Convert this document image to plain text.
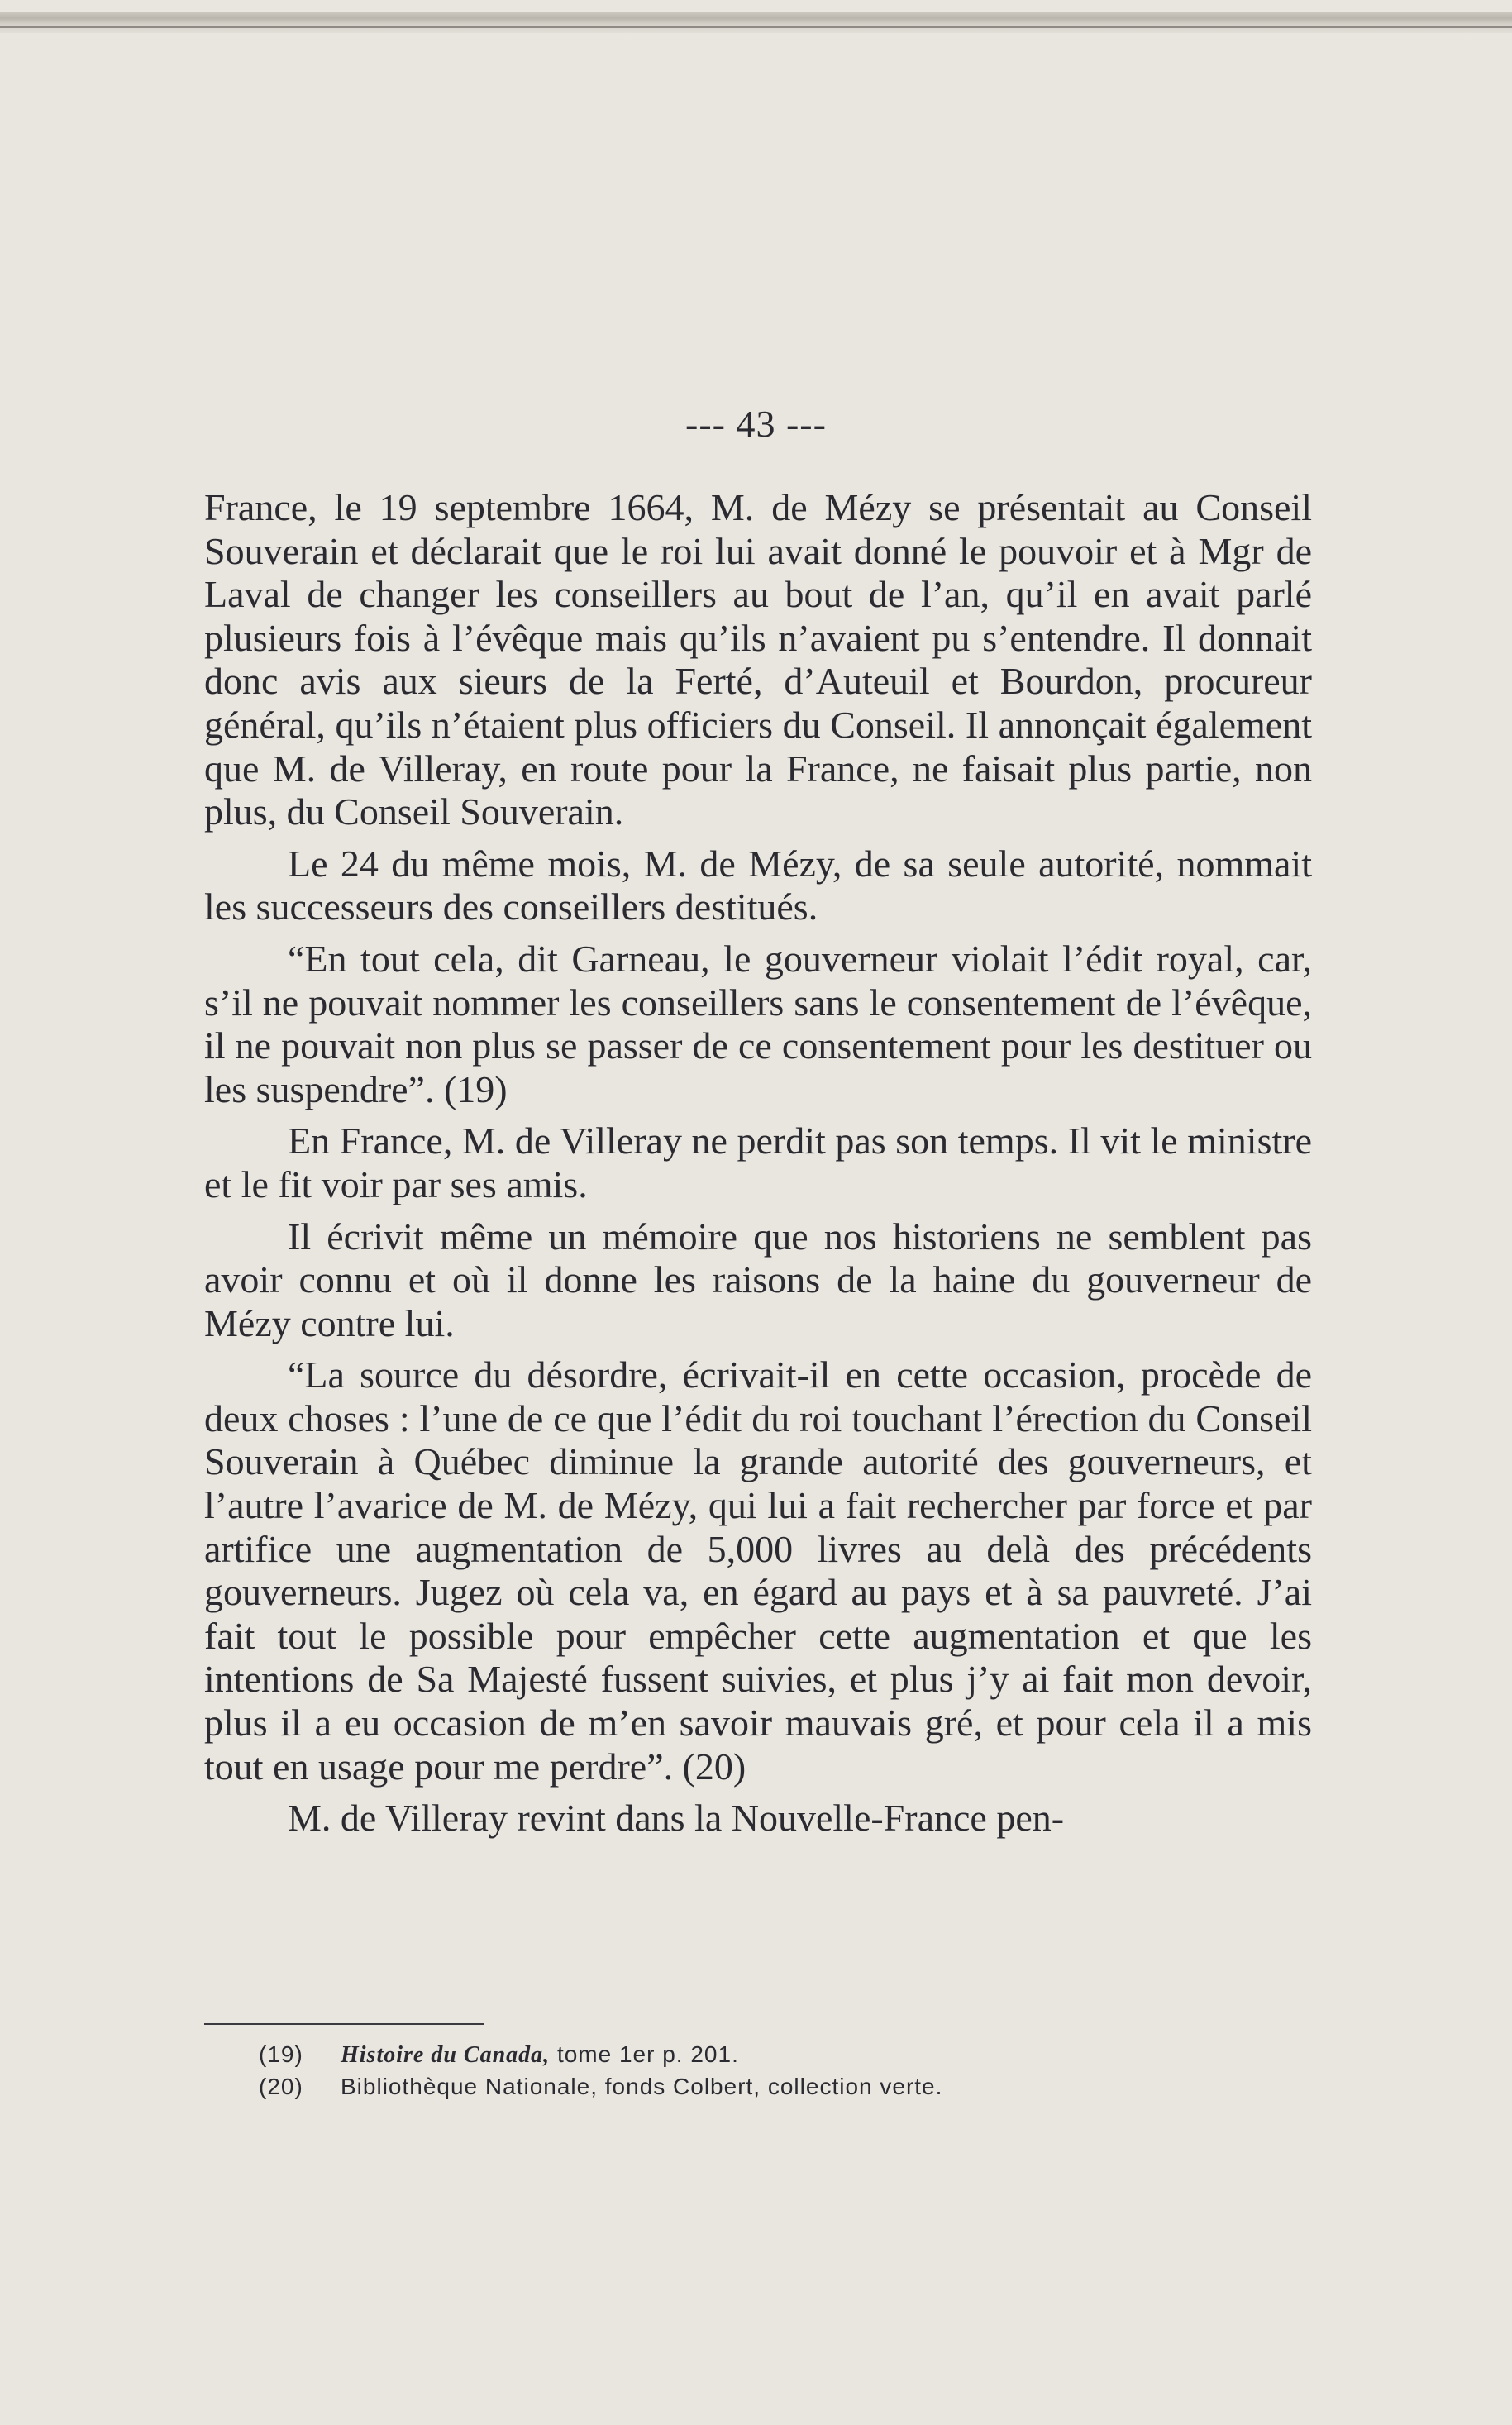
--- 43 ---

France, le 19 septembre 1664, M. de Mézy se présentait au Conseil Souverain et déclarait que le roi lui avait donné le pouvoir et à Mgr de Laval de changer les conseillers au bout de l’an, qu’il en avait parlé plusieurs fois à l’évêque mais qu’ils n’avaient pu s’entendre. Il donnait donc avis aux sieurs de la Ferté, d’Auteuil et Bourdon, procureur général, qu’ils n’étaient plus officiers du Conseil. Il annonçait également que M. de Villeray, en route pour la France, ne faisait plus partie, non plus, du Conseil Souverain.

Le 24 du même mois, M. de Mézy, de sa seule autorité, nommait les successeurs des conseillers destitués.

“En tout cela, dit Garneau, le gouverneur violait l’édit royal, car, s’il ne pouvait nommer les conseillers sans le consentement de l’évêque, il ne pouvait non plus se passer de ce consentement pour les destituer ou les suspendre”. (19)

En France, M. de Villeray ne perdit pas son temps. Il vit le ministre et le fit voir par ses amis.

Il écrivit même un mémoire que nos historiens ne semblent pas avoir connu et où il donne les raisons de la haine du gouverneur de Mézy contre lui.

“La source du désordre, écrivait-il en cette occasion, procède de deux choses : l’une de ce que l’édit du roi touchant l’érection du Conseil Souverain à Québec diminue la grande autorité des gouverneurs, et l’autre l’avarice de M. de Mézy, qui lui a fait rechercher par force et par artifice une augmentation de 5,000 livres au delà des précédents gouverneurs. Jugez où cela va, en égard au pays et à sa pauvreté. J’ai fait tout le possible pour empêcher cette augmentation et que les intentions de Sa Majesté fussent suivies, et plus j’y ai fait mon devoir, plus il a eu occasion de m’en savoir mauvais gré, et pour cela il a mis tout en usage pour me perdre”. (20)

M. de Villeray revint dans la Nouvelle-France pen-

(19) Histoire du Canada, tome 1er p. 201.
(20) Bibliothèque Nationale, fonds Colbert, collection verte.
